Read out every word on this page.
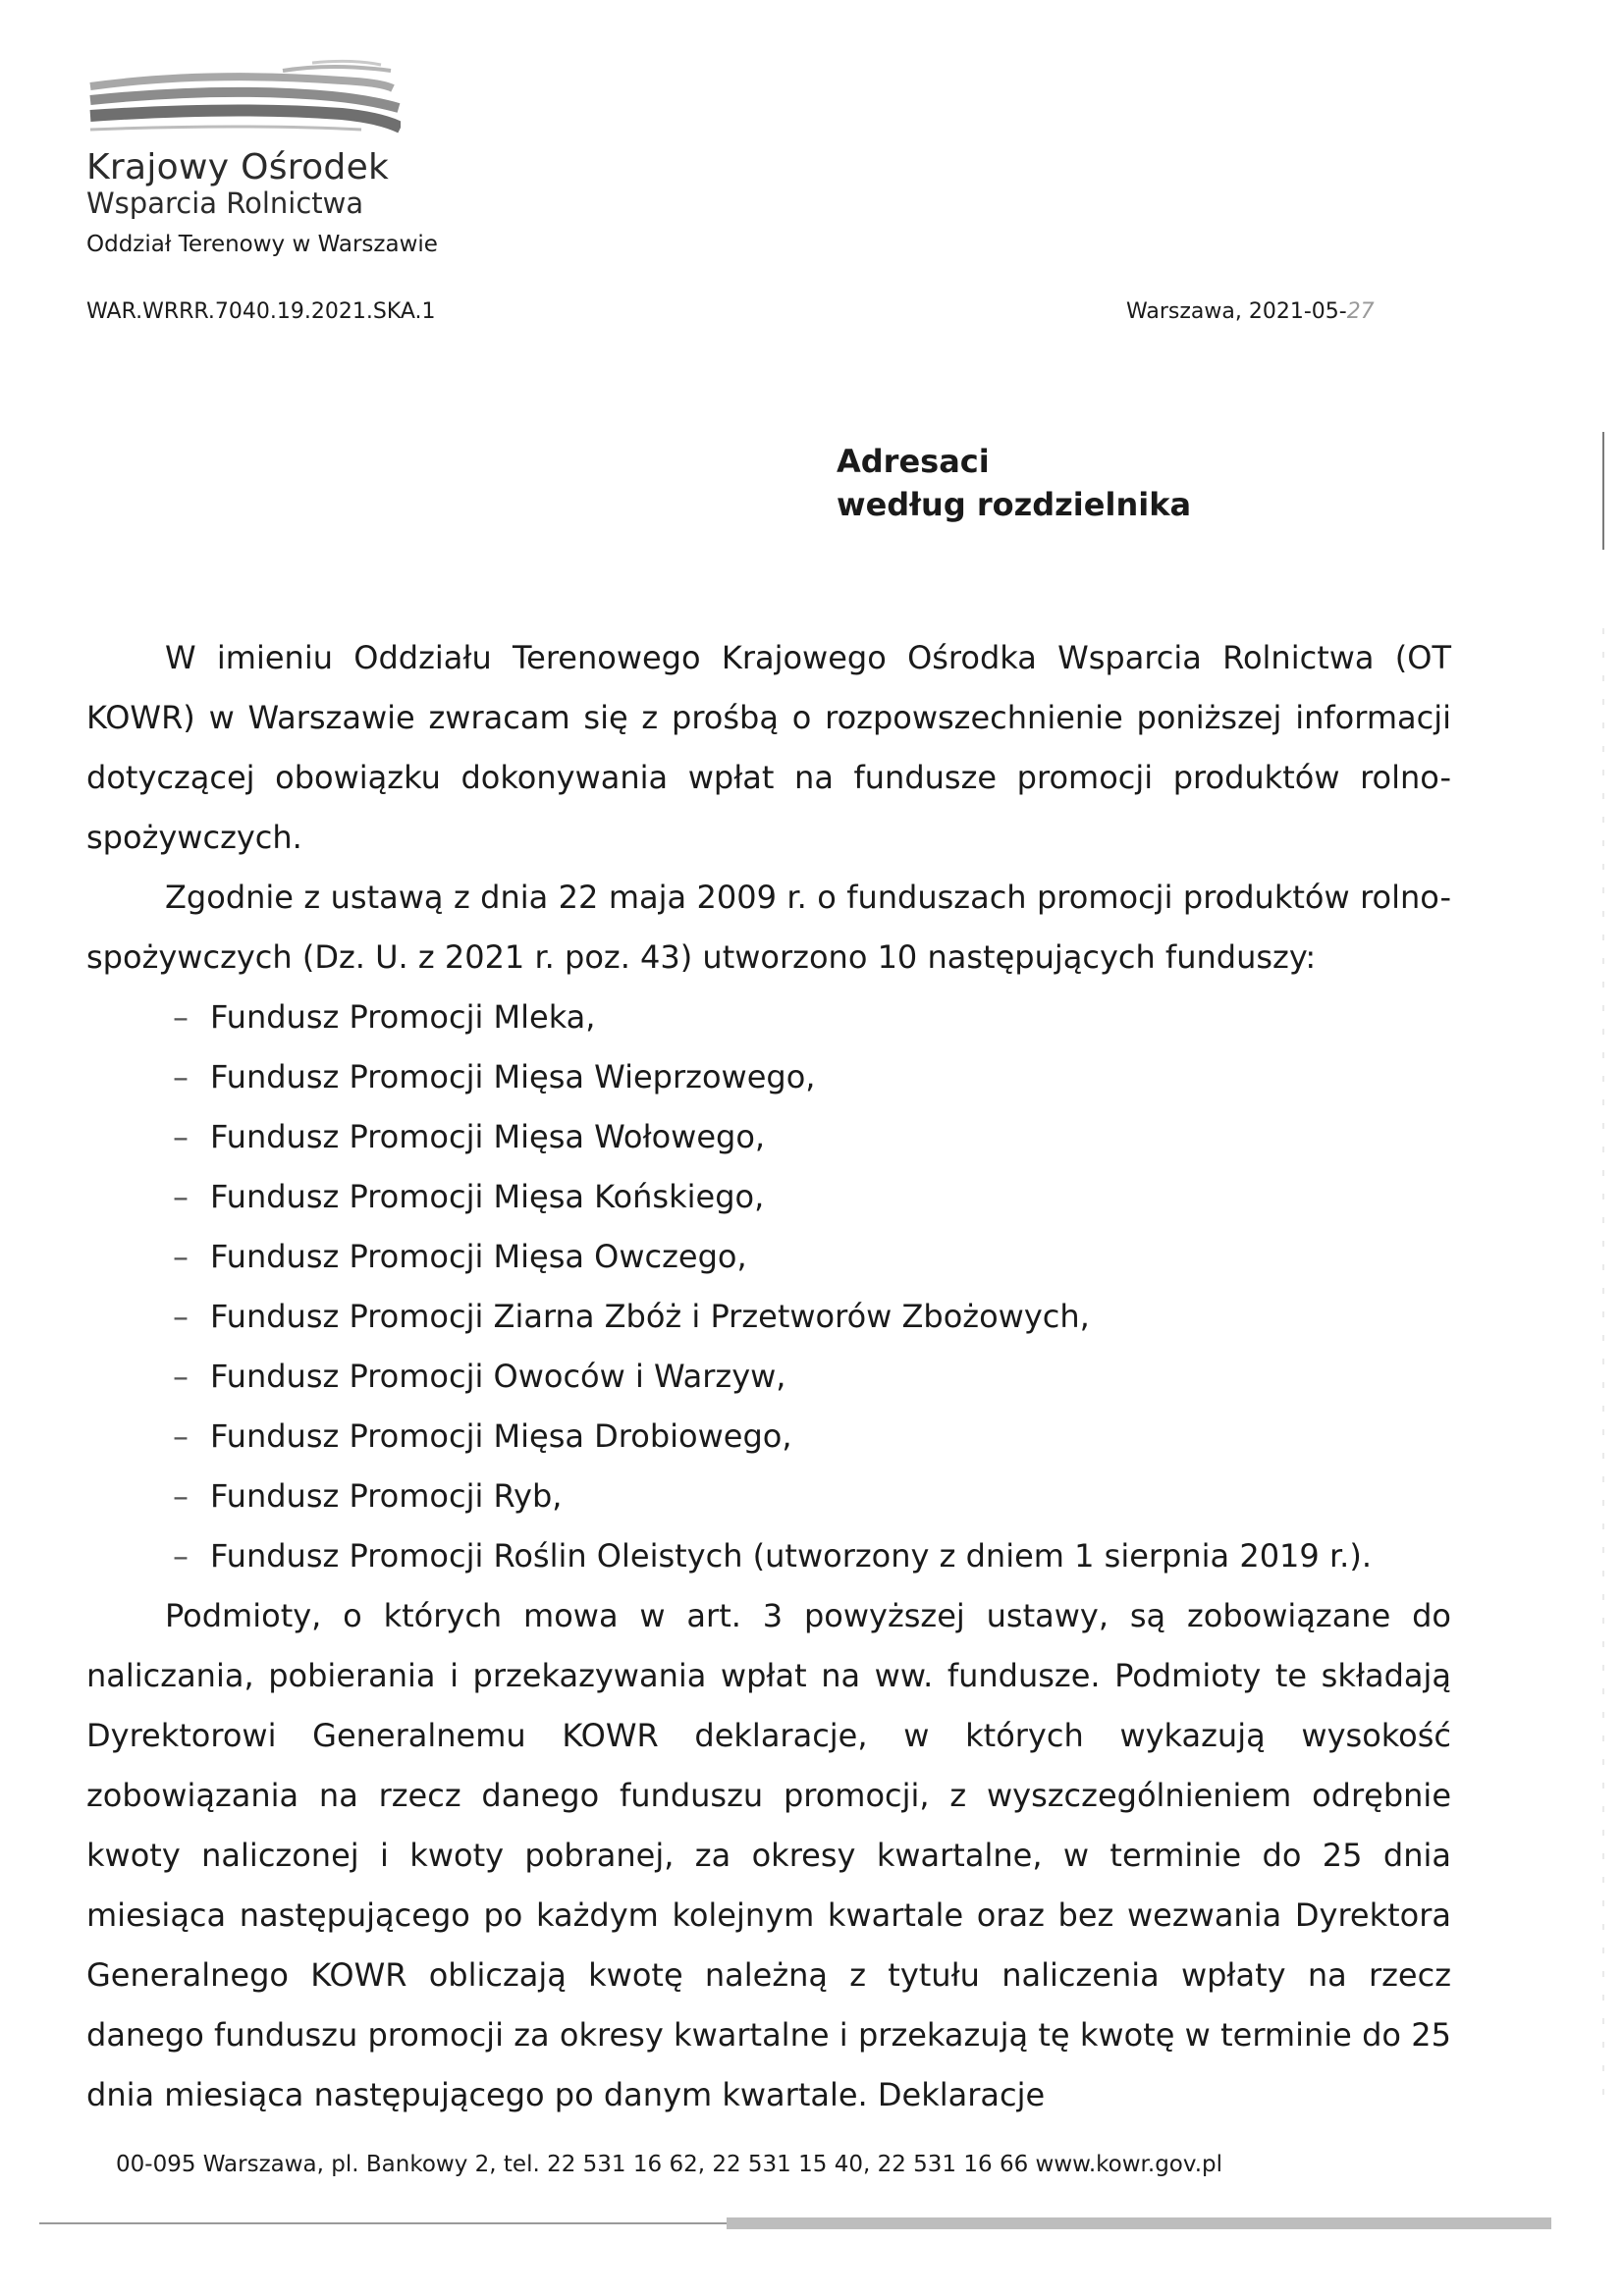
Krajowy Ośrodek
Wsparcia Rolnictwa
Oddział Terenowy w Warszawie
WAR.WRRR.7040.19.2021.SKA.1	Warszawa, 2021-05-27
Adresaci
według rozdzielnika

W imieniu Oddziału Terenowego Krajowego Ośrodka Wsparcia Rolnictwa (OT KOWR) w Warszawie zwracam się z prośbą o rozpowszechnienie poniższej informacji dotyczącej obowiązku dokonywania wpłat na fundusze promocji produktów rolno-spożywczych.

Zgodnie z ustawą z dnia 22 maja 2009 r. o funduszach promocji produktów rolno-spożywczych (Dz. U. z 2021 r. poz. 43) utworzono 10 następujących funduszy:

– Fundusz Promocji Mleka,
– Fundusz Promocji Mięsa Wieprzowego,
– Fundusz Promocji Mięsa Wołowego,
– Fundusz Promocji Mięsa Końskiego,
– Fundusz Promocji Mięsa Owczego,
– Fundusz Promocji Ziarna Zbóż i Przetworów Zbożowych,
– Fundusz Promocji Owoców i Warzyw,
– Fundusz Promocji Mięsa Drobiowego,
– Fundusz Promocji Ryb,
– Fundusz Promocji Roślin Oleistych (utworzony z dniem 1 sierpnia 2019 r.).

Podmioty, o których mowa w art. 3 powyższej ustawy, są zobowiązane do naliczania, pobierania i przekazywania wpłat na ww. fundusze. Podmioty te składają Dyrektorowi Generalnemu KOWR deklaracje, w których wykazują wysokość zobowiązania na rzecz danego funduszu promocji, z wyszczególnieniem odrębnie kwoty naliczonej i kwoty pobranej, za okresy kwartalne, w terminie do 25 dnia miesiąca następującego po każdym kolejnym kwartale oraz bez wezwania Dyrektora Generalnego KOWR obliczają kwotę należną z tytułu naliczenia wpłaty na rzecz danego funduszu promocji za okresy kwartalne i przekazują tę kwotę w terminie do 25 dnia miesiąca następującego po danym kwartale. Deklaracje

00-095 Warszawa, pl. Bankowy 2, tel. 22 531 16 62, 22 531 15 40, 22 531 16 66 www.kowr.gov.pl
